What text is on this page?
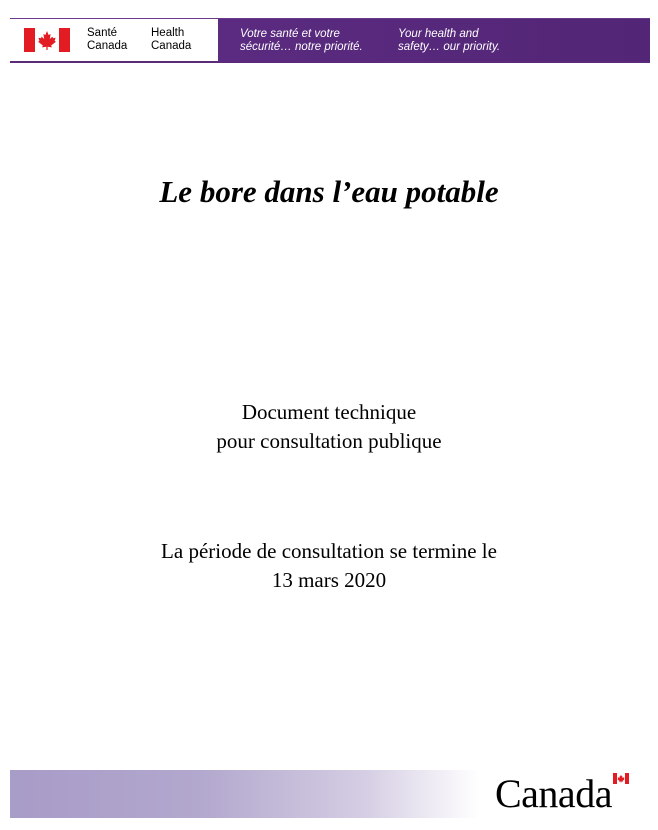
Santé
Canada
Health
Canada
Votre santé et votre
sécurité… notre priorité.
Your health and
safety… our priority.
Le bore dans l’eau potable
Document technique
pour consultation publique
La période de consultation se termine le
13 mars 2020
Canada
